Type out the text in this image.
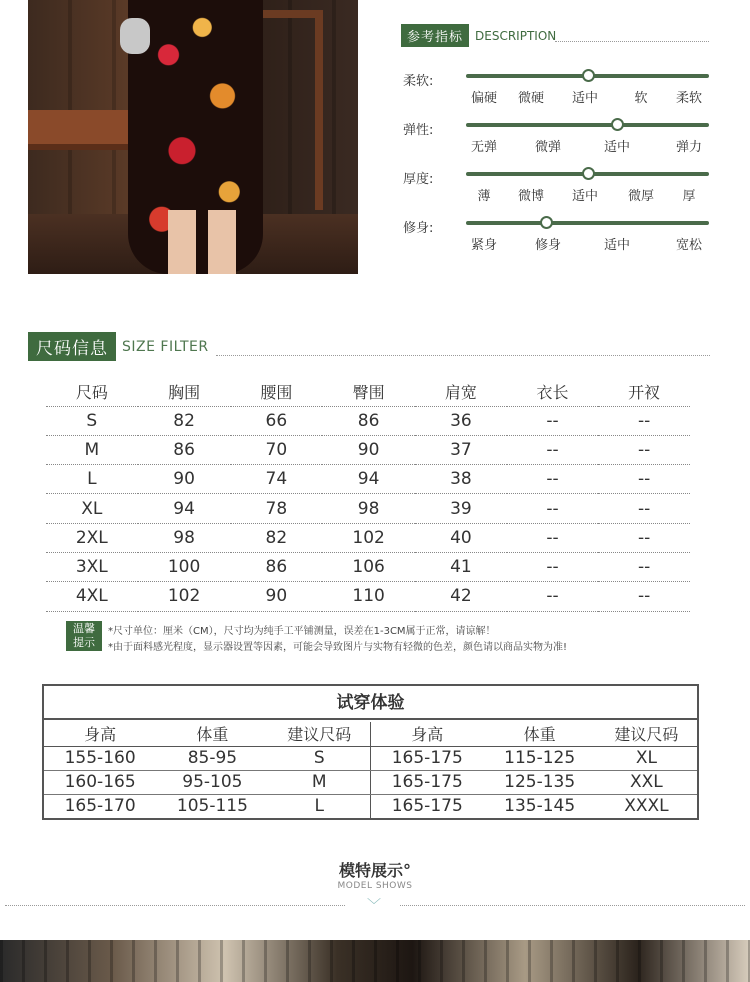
参考指标	DESCRIPTION
柔软:
偏硬 微硬 适中	软 柔软
弹性:
无弹	微弹	适中	弹力
厚度:
薄 微博 适中 微厚 厚
修身:
紧身	修身	适中	宽松
尺码信息	SIZE FILTER
尺码	胸围	腰围	臀围	肩宽	衣长	开衩
S	82	66	86	36	--	--
M	86	70	90	37	--	--
L	90	74	94	38	--	--
XL	94	78	98	39	--	--
2XL	98	82	102	40	--	--
3XL	100	86	106	41	--	--
4XL	102	90	110	42	--	--
温馨
提示
*尺寸单位：厘米（CM），尺寸均为纯手工平铺测量，误差在1-3CM属于正常，请谅解！
*由于面料感光程度，显示器设置等因素，可能会导致图片与实物有轻微的色差，颜色请以商品实物为准!
试穿体验
身高	体重	建议尺码	身高	体重	建议尺码
155-160	85-95	S	165-175	115-125	XL
160-165	95-105	M	165-175	125-135	XXL
165-170	105-115	L	165-175	135-145	XXXL
模特展示°
MODEL SHOWS
﹀
